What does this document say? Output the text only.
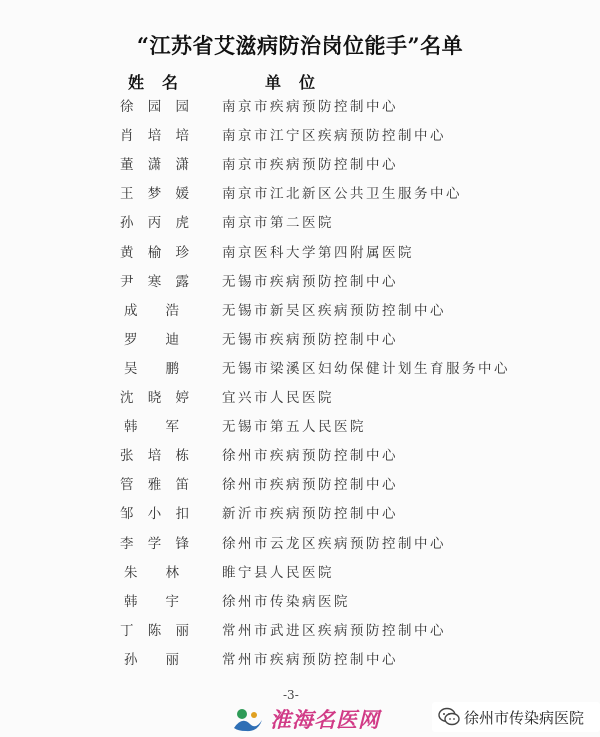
“江苏省艾滋病防治岗位能手”名单
姓名	单位
徐园园 南京市疾病预防控制中心
肖培培 南京市江宁区疾病预防控制中心
董潇潇 南京市疾病预防控制中心
王梦媛 南京市江北新区公共卫生服务中心
孙丙虎 南京市第二医院
黄榆珍 南京医科大学第四附属医院
尹寒露 无锡市疾病预防控制中心
成浩	无锡市新吴区疾病预防控制中心
罗迪	无锡市疾病预防控制中心
吴鹏	无锡市梁溪区妇幼保健计划生育服务中心
沈晓婷 宜兴市人民医院
韩军	无锡市第五人民医院
张培栋 徐州市疾病预防控制中心
管雅笛 徐州市疾病预防控制中心
邹小扣 新沂市疾病预防控制中心
李学锋 徐州市云龙区疾病预防控制中心
朱林	睢宁县人民医院
韩宇	徐州市传染病医院
丁陈丽 常州市武进区疾病预防控制中心
孙丽	常州市疾病预防控制中心
-3-
淮海名医网	徐州市传染病医院
